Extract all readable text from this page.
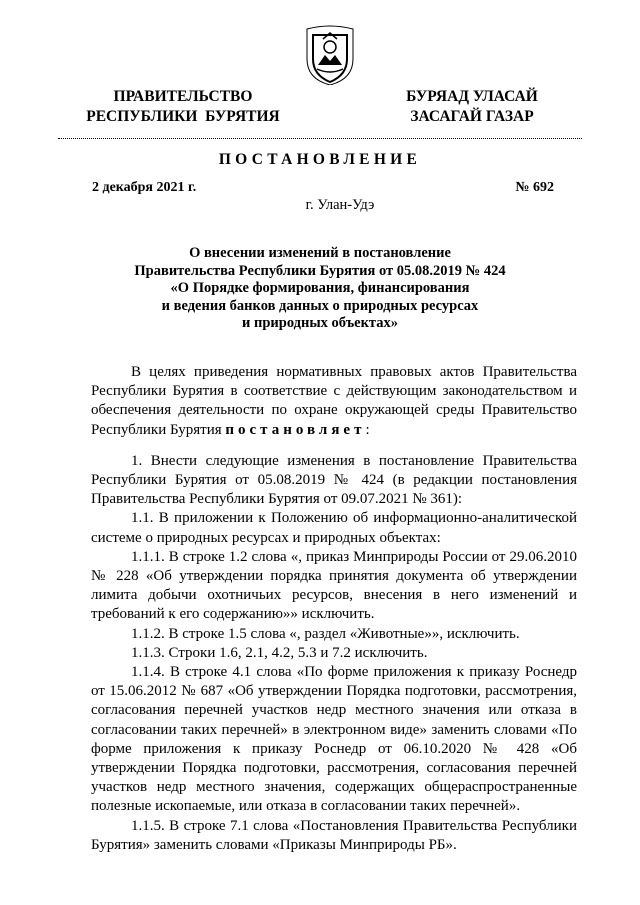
ПРАВИТЕЛЬСТВО
РЕСПУБЛИКИ  БУРЯТИЯ
БУРЯАД УЛАСАЙ
ЗАСАГАЙ ГАЗАР
ПОСТАНОВЛЕНИЕ
2 декабря 2021 г.	№ 692
г. Улан-Удэ
О внесении изменений в постановление
Правительства Республики Бурятия от 05.08.2019 № 424
«О Порядке формирования, финансирования
и ведения банков данных о природных ресурсах
и природных объектах»

В целях приведения нормативных правовых актов Правительства Республики Бурятия в соответствие с действующим законодательством и обеспечения деятельности по охране окружающей среды Правительство Республики Бурятия постановляет:

1. Внести следующие изменения в постановление Правительства Республики Бурятия от 05.08.2019 № 424 (в редакции постановления Правительства Республики Бурятия от 09.07.2021 № 361):

1.1. В приложении к Положению об информационно-аналитической системе о природных ресурсах и природных объектах:

1.1.1. В строке 1.2 слова «, приказ Минприроды России от 29.06.2010 № 228 «Об утверждении порядка принятия документа об утверждении лимита добычи охотничьих ресурсов, внесения в него изменений и требований к его содержанию»» исключить.

1.1.2. В строке 1.5 слова «, раздел «Животные»», исключить.

1.1.3. Строки 1.6, 2.1, 4.2, 5.3 и 7.2 исключить.

1.1.4. В строке 4.1 слова «По форме приложения к приказу Роснедр от 15.06.2012 № 687 «Об утверждении Порядка подготовки, рассмотрения, согласования перечней участков недр местного значения или отказа в согласовании таких перечней» в электронном виде» заменить словами «По форме приложения к приказу Роснедр от 06.10.2020 № 428 «Об утверждении Порядка подготовки, рассмотрения, согласования перечней участков недр местного значения, содержащих общераспространенные полезные ископаемые, или отказа в согласовании таких перечней».

1.1.5. В строке 7.1 слова «Постановления Правительства Республики Бурятия» заменить словами «Приказы Минприроды РБ».
